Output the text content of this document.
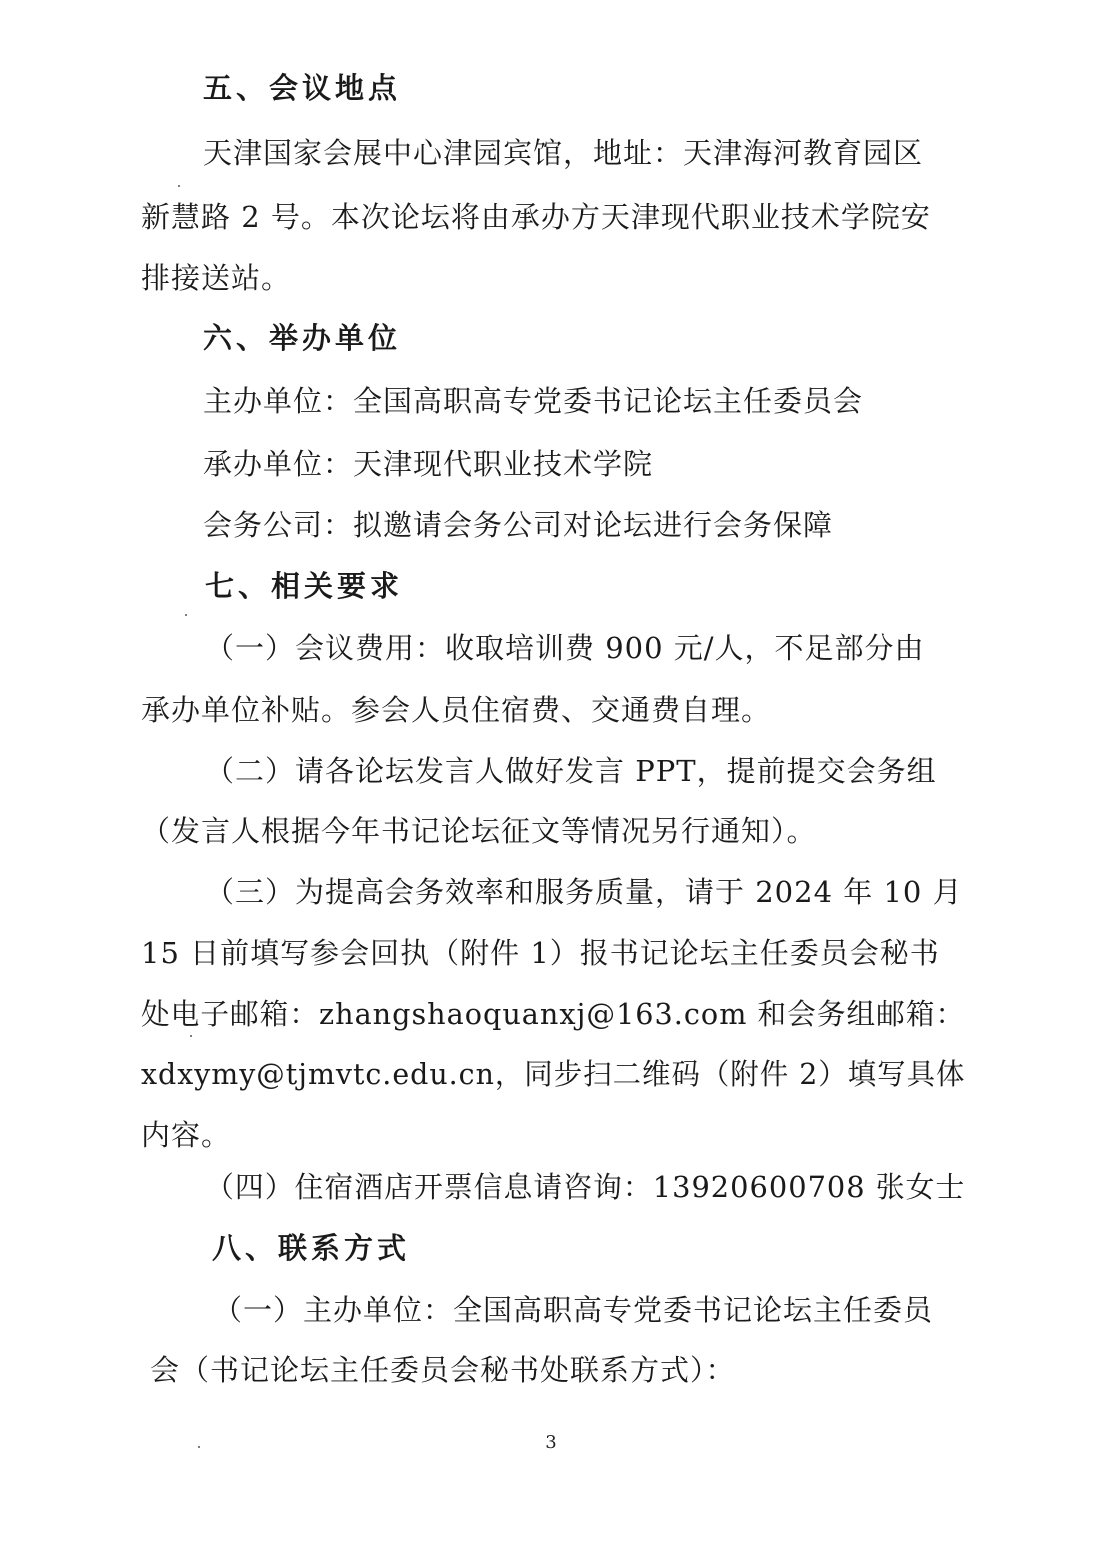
五、会议地点
天津国家会展中心津园宾馆，地址：天津海河教育园区
新慧路 2 号。本次论坛将由承办方天津现代职业技术学院安
排接送站。
六、举办单位
主办单位：全国高职高专党委书记论坛主任委员会
承办单位：天津现代职业技术学院
会务公司：拟邀请会务公司对论坛进行会务保障
七、相关要求
（一）会议费用：收取培训费 900 元/人，不足部分由
承办单位补贴。参会人员住宿费、交通费自理。
（二）请各论坛发言人做好发言 PPT，提前提交会务组
（发言人根据今年书记论坛征文等情况另行通知）。
（三）为提高会务效率和服务质量，请于 2024 年 10 月
15 日前填写参会回执（附件 1）报书记论坛主任委员会秘书
处电子邮箱：zhangshaoquanxj@163.com 和会务组邮箱：
xdxymy@tjmvtc.edu.cn，同步扫二维码（附件 2）填写具体
内容。
（四）住宿酒店开票信息请咨询：13920600708 张女士
八、联系方式
（一）主办单位：全国高职高专党委书记论坛主任委员
会（书记论坛主任委员会秘书处联系方式）：
3
